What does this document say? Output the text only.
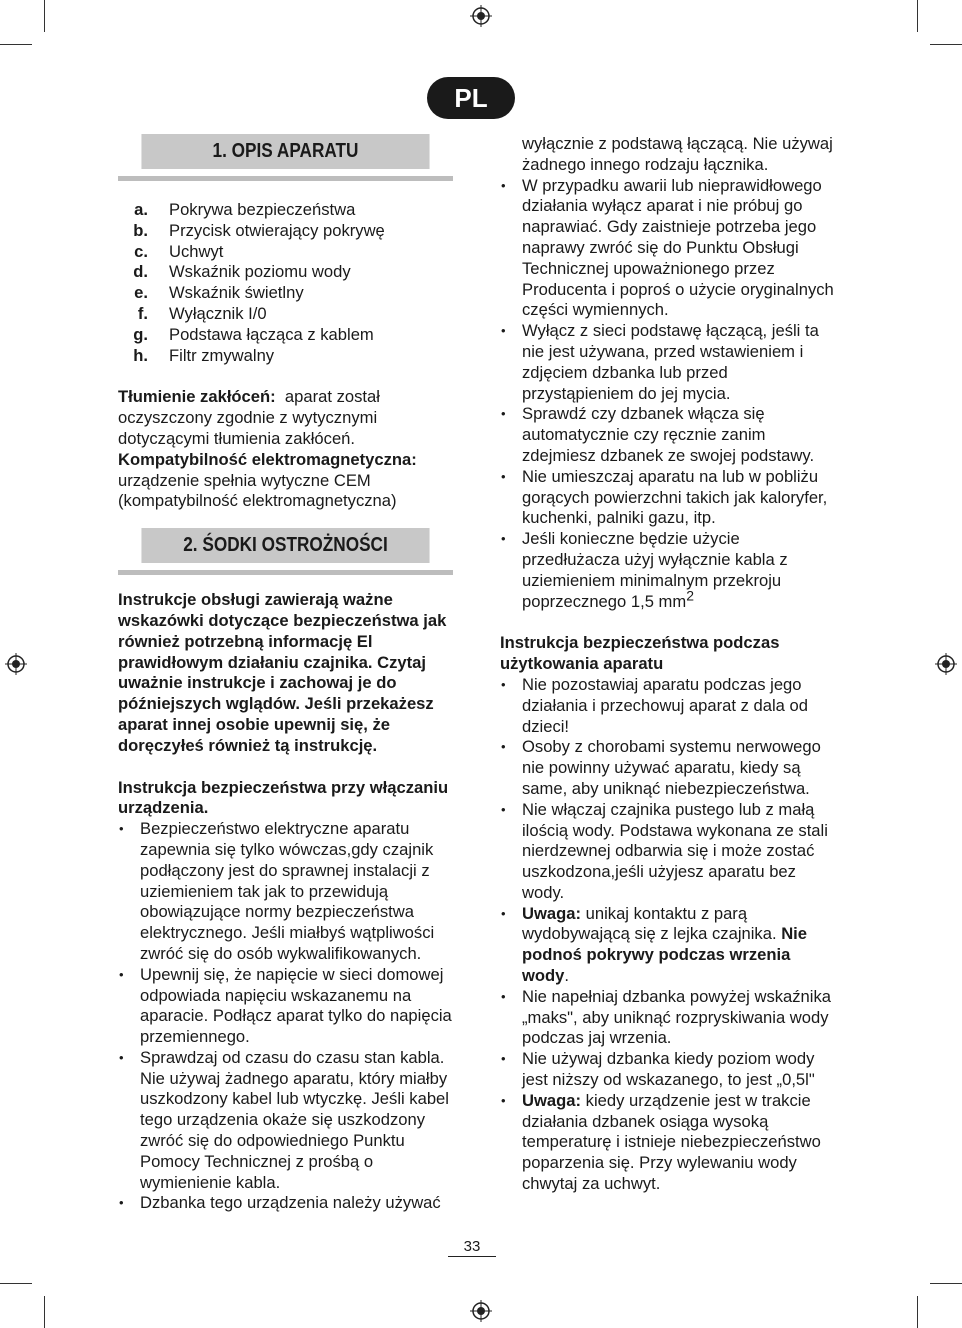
PL
1. OPIS APARATU
a.	Pokrywa bezpieczeństwa
b.	Przycisk otwierający pokrywę
c.	Uchwyt
d.	Wskaźnik poziomu wody
e.	Wskaźnik świetlny
f.	Wyłącznik I/0
g.	Podstawa łącząca z kablem
h.	Filtr zmywalny

Tłumienie zakłóceń: aparat został oczyszczony zgodnie z wytycznymi dotyczącymi tłumienia zakłóceń.

Kompatybilność elektromagnetyczna: urządzenie spełnia wytyczne CEM (kompatybilność elektromagnetyczna)

2. ŚODKI OSTROŻNOŚCI

Instrukcje obsługi zawierają ważne wskazówki dotyczące bezpieczeństwa jak również potrzebną informację El prawidłowym działaniu czajnika. Czytaj uważnie instrukcje i zachowaj je do późniejszych wglądów. Jeśli przekażesz aparat innej osobie upewnij się, że doręczyłeś również tą instrukcję.

Instrukcja bezpieczeństwa przy włączaniu urządzenia.

• Bezpieczeństwo elektryczne aparatu zapewnia się tylko wówczas,gdy czajnik podłączony jest do sprawnej instalacji z uziemieniem tak jak to przewidują obowiązujące normy bezpieczeństwa elektrycznego. Jeśli miałbyś wątpliwości zwróć się do osób wykwalifikowanych.
• Upewnij się, że napięcie w sieci domowej odpowiada napięciu wskazanemu na aparacie. Podłącz aparat tylko do napięcia przemiennego.
• Sprawdzaj od czasu do czasu stan kabla. Nie używaj żadnego aparatu, który miałby uszkodzony kabel lub wtyczkę. Jeśli kabel tego urządzenia okaże się uszkodzony zwróć się do odpowiedniego Punktu Pomocy Technicznej z prośbą o wymienienie kabla.
• Dzbanka tego urządzenia należy używać

wyłącznie z podstawą łączącą. Nie używaj żadnego innego rodzaju łącznika.

• W przypadku awarii lub nieprawidłowego działania wyłącz aparat i nie próbuj go naprawiać. Gdy zaistnieje potrzeba jego naprawy zwróć się do Punktu Obsługi Technicznej upoważnionego przez Producenta i poproś o użycie oryginalnych części wymiennych.
• Wyłącz z sieci podstawę łączącą, jeśli ta nie jest używana, przed wstawieniem i zdjęciem dzbanka lub przed przystąpieniem do jej mycia.
• Sprawdź czy dzbanek włącza się automatycznie czy ręcznie zanim zdejmiesz dzbanek ze swojej podstawy.
• Nie umieszczaj aparatu na lub w pobliżu gorących powierzchni takich jak kaloryfer, kuchenki, palniki gazu, itp.
• Jeśli konieczne będzie użycie przedłużacza użyj wyłącznie kabla z uziemieniem minimalnym przekroju poprzecznego 1,5 $mm^2$

Instrukcja bezpieczeństwa podczas użytkowania aparatu

• Nie pozostawiaj aparatu podczas jego działania i przechowuj aparat z dala od dzieci!
• Osoby z chorobami systemu nerwowego nie powinny używać aparatu, kiedy są same, aby uniknąć niebezpieczeństwa.
• Nie włączaj czajnika pustego lub z małą ilością wody. Podstawa wykonana ze stali nierdzewnej odbarwia się i może zostać uszkodzona,jeśli użyjesz aparatu bez wody.
• Uwaga: unikaj kontaktu z parą wydobywającą się z lejka czajnika. Nie podnoś pokrywy podczas wrzenia wody.
• Nie napełniaj dzbanka powyżej wskaźnika „maks", aby uniknąć rozpryskiwania wody podczas jaj wrzenia.
• Nie używaj dzbanka kiedy poziom wody jest niższy od wskazanego, to jest „0,5l"
• Uwaga: kiedy urządzenie jest w trakcie działania dzbanek osiąga wysoką temperaturę i istnieje niebezpieczeństwo poparzenia się. Przy wylewaniu wody chwytaj za uchwyt.
33
